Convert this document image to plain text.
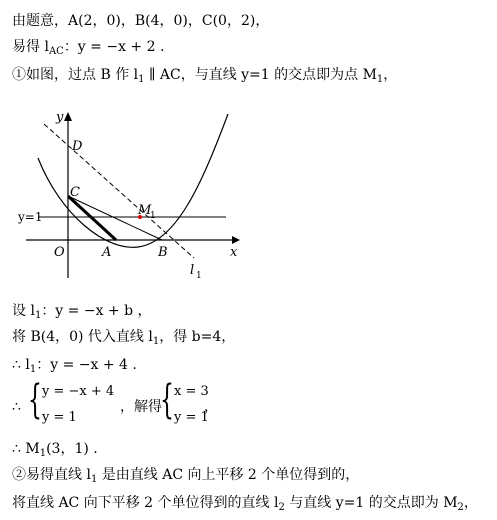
由题意，A(2，0)，B(4，0)，C(0，2)，
易得 $l_{AC}$：y = −x + 2 .
①如图，过点 B 作 $l_1$ ∥ AC，与直线 y=1 的交点即为点 $M_1$，
y
x
O	A	B
C
D
M
1
y=1
l 1
设 $l_1$：y = −x + b ，
将 B(4，0) 代入直线 $l_1$，得 b=4，
∴ $l_1$：y = −x + 4 .
∴ { y = −x + 4
y = 1
，解得
{ x = 3
y = 1
，
∴ $M_1(3$，1) .
②易得直线 $l_1$ 是由直线 AC 向上平移 2 个单位得到的，
将直线 AC 向下平移 2 个单位得到的直线 $l_2$ 与直线 y=1 的交点即为 $M_2$，
